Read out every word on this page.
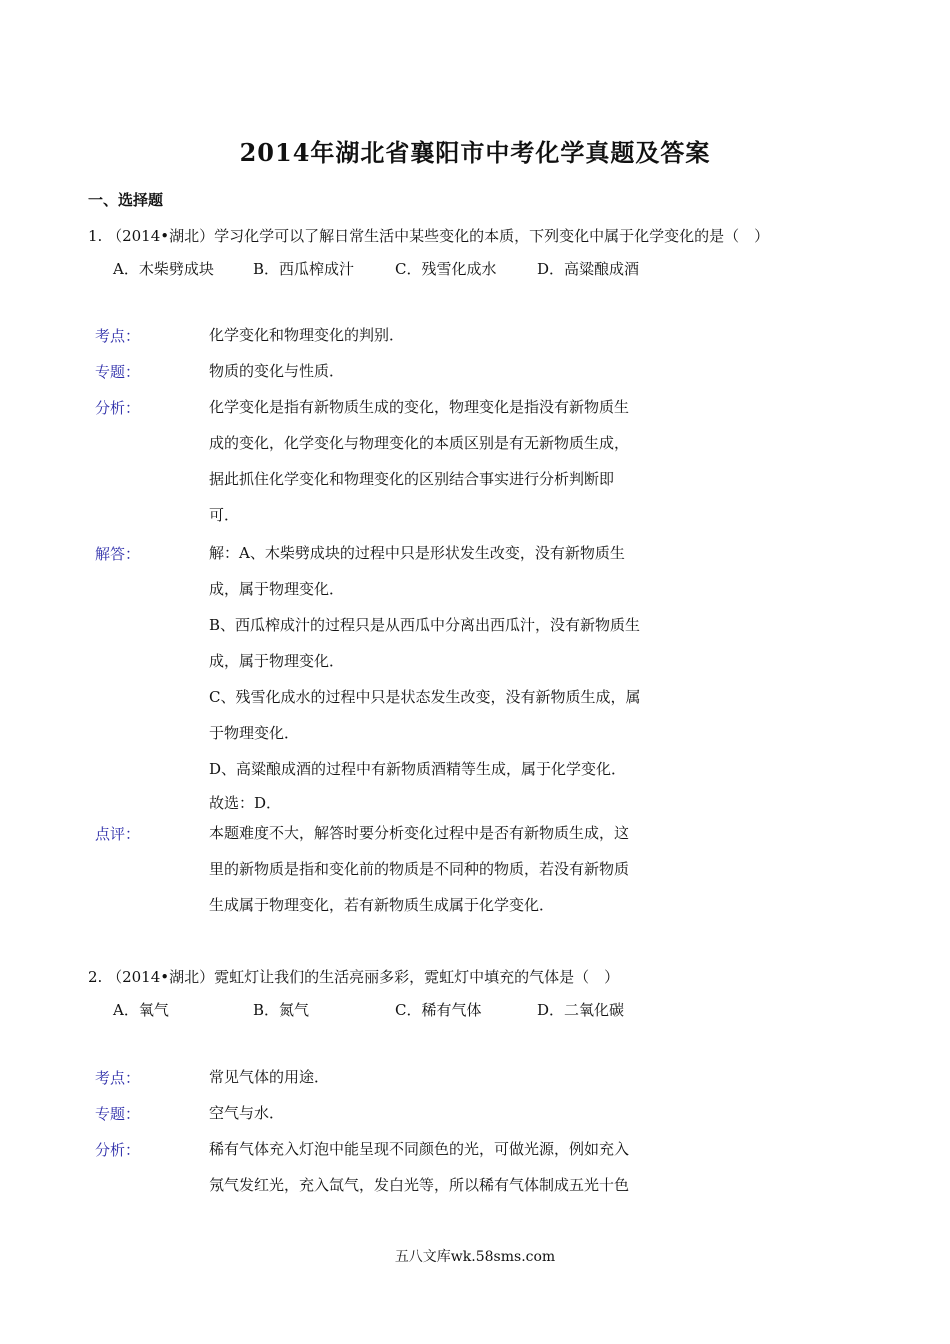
2014年湖北省襄阳市中考化学真题及答案
一、选择题
1. （2014•湖北）学习化学可以了解日常生活中某些变化的本质，下列变化中属于化学变化的是（　）
A．木柴劈成块	B．西瓜榨成汁	C．残雪化成水	D．高粱酿成酒
考点：	化学变化和物理变化的判别．
专题：	物质的变化与性质．
分析：	化学变化是指有新物质生成的变化，物理变化是指没有新物质生
成的变化，化学变化与物理变化的本质区别是有无新物质生成，
据此抓住化学变化和物理变化的区别结合事实进行分析判断即
可．
解答：	解：A、木柴劈成块的过程中只是形状发生改变，没有新物质生
成，属于物理变化．
B、西瓜榨成汁的过程只是从西瓜中分离出西瓜汁，没有新物质生
成，属于物理变化．
C、残雪化成水的过程中只是状态发生改变，没有新物质生成，属
于物理变化．
D、高粱酿成酒的过程中有新物质酒精等生成，属于化学变化．
故选：D．
点评：	本题难度不大，解答时要分析变化过程中是否有新物质生成，这
里的新物质是指和变化前的物质是不同种的物质，若没有新物质
生成属于物理变化，若有新物质生成属于化学变化．
2. （2014•湖北）霓虹灯让我们的生活亮丽多彩，霓虹灯中填充的气体是（　）
A．氧气	B．氮气	C．稀有气体	D．二氧化碳
考点：	常见气体的用途．
专题：	空气与水．
分析：	稀有气体充入灯泡中能呈现不同颜色的光，可做光源，例如充入
氖气发红光，充入氙气，发白光等，所以稀有气体制成五光十色
五八文库wk.58sms.com
